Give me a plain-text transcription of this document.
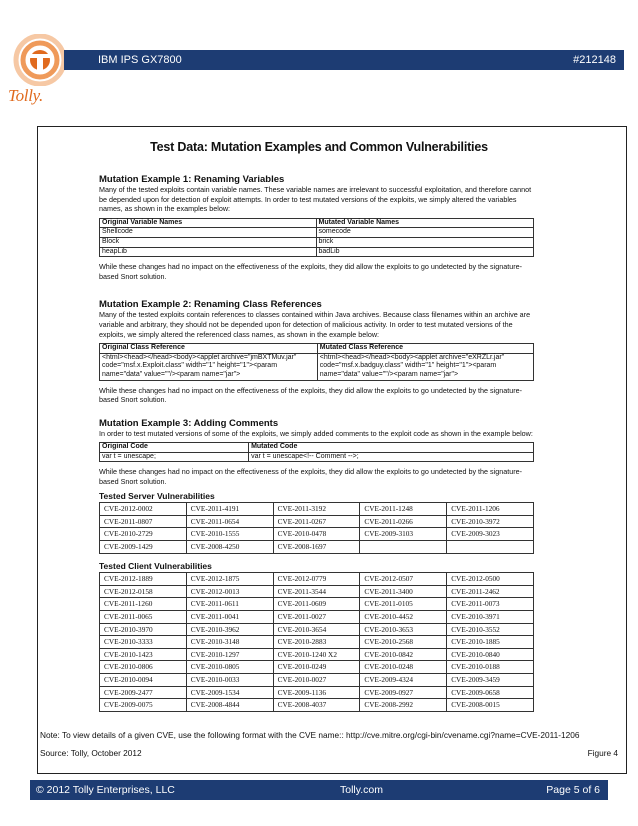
Tolly.
IBM IPS GX7800	#212148
Test Data: Mutation Examples and Common Vulnerabilities
Mutation Example 1: Renaming Variables
Many of the tested exploits contain variable names. These variable names are irrelevant to successful exploitation, and therefore cannot be depended upon for detection of exploit attempts. In order to test mutated versions of the exploits, we simply altered the variables names, as shown in the examples below:
Original Variable Names	Mutated Variable Names
Shellcode	somecode
Block	brick
heapLib	badLib
While these changes had no impact on the effectiveness of the exploits, they did allow the exploits to go undetected by the signature-based Snort solution.
Mutation Example 2: Renaming Class References
Many of the tested exploits contain references to classes contained within Java archives. Because class filenames within an archive are variable and arbitrary, they should not be depended upon for detection of malicious activity. In order to test mutated versions of the exploits, we simply altered the referenced class names, as shown in the example below:
Original Class Reference	Mutated Class Reference
<html><head></head><body><applet archive="jmBXTMuv.jar" code="msf.x.Exploit.class" width="1" height="1"><param name="data" value=""/><param name="jar">	<html><head></head><body><applet archive="eXRZLr.jar" code="msf.x.badguy.class" width="1" height="1"><param name="data" value=""/><param name="jar">
While these changes had no impact on the effectiveness of the exploits, they did allow the exploits to go undetected by the signature-based Snort solution.
Mutation Example 3: Adding Comments
In order to test mutated versions of some of the exploits, we simply added comments to the exploit code as shown in the example below:
Original Code	Mutated Code
var t = unescape;	var t = unescape<!-- Comment -->;
While these changes had no impact on the effectiveness of the exploits, they did allow the exploits to go undetected by the signature-based Snort solution.
Tested Server Vulnerabilities
CVE-2012-0002	CVE-2011-4191	CVE-2011-3192	CVE-2011-1248	CVE-2011-1206
CVE-2011-0807	CVE-2011-0654	CVE-2011-0267	CVE-2011-0266	CVE-2010-3972
CVE-2010-2729	CVE-2010-1555	CVE-2010-0478	CVE-2009-3103	CVE-2009-3023
CVE-2009-1429	CVE-2008-4250	CVE-2008-1697		
Tested Client Vulnerabilities
CVE-2012-1889	CVE-2012-1875	CVE-2012-0779	CVE-2012-0507	CVE-2012-0500
CVE-2012-0158	CVE-2012-0013	CVE-2011-3544	CVE-2011-3400	CVE-2011-2462
CVE-2011-1260	CVE-2011-0611	CVE-2011-0609	CVE-2011-0105	CVE-2011-0073
CVE-2011-0065	CVE-2011-0041	CVE-2011-0027	CVE-2010-4452	CVE-2010-3971
CVE-2010-3970	CVE-2010-3962	CVE-2010-3654	CVE-2010-3653	CVE-2010-3552
CVE-2010-3333	CVE-2010-3148	CVE-2010-2883	CVE-2010-2568	CVE-2010-1885
CVE-2010-1423	CVE-2010-1297	CVE-2010-1240 X2	CVE-2010-0842	CVE-2010-0840
CVE-2010-0806	CVE-2010-0805	CVE-2010-0249	CVE-2010-0248	CVE-2010-0188
CVE-2010-0094	CVE-2010-0033	CVE-2010-0027	CVE-2009-4324	CVE-2009-3459
CVE-2009-2477	CVE-2009-1534	CVE-2009-1136	CVE-2009-0927	CVE-2009-0658
CVE-2009-0075	CVE-2008-4844	CVE-2008-4037	CVE-2008-2992	CVE-2008-0015
Note: To view details of a given CVE, use the following format with the CVE name:: http://cve.mitre.org/cgi-bin/cvename.cgi?name=CVE-2011-1206
Source: Tolly, October 2012	Figure 4
© 2012 Tolly Enterprises, LLC	Tolly.com	Page 5 of 6
